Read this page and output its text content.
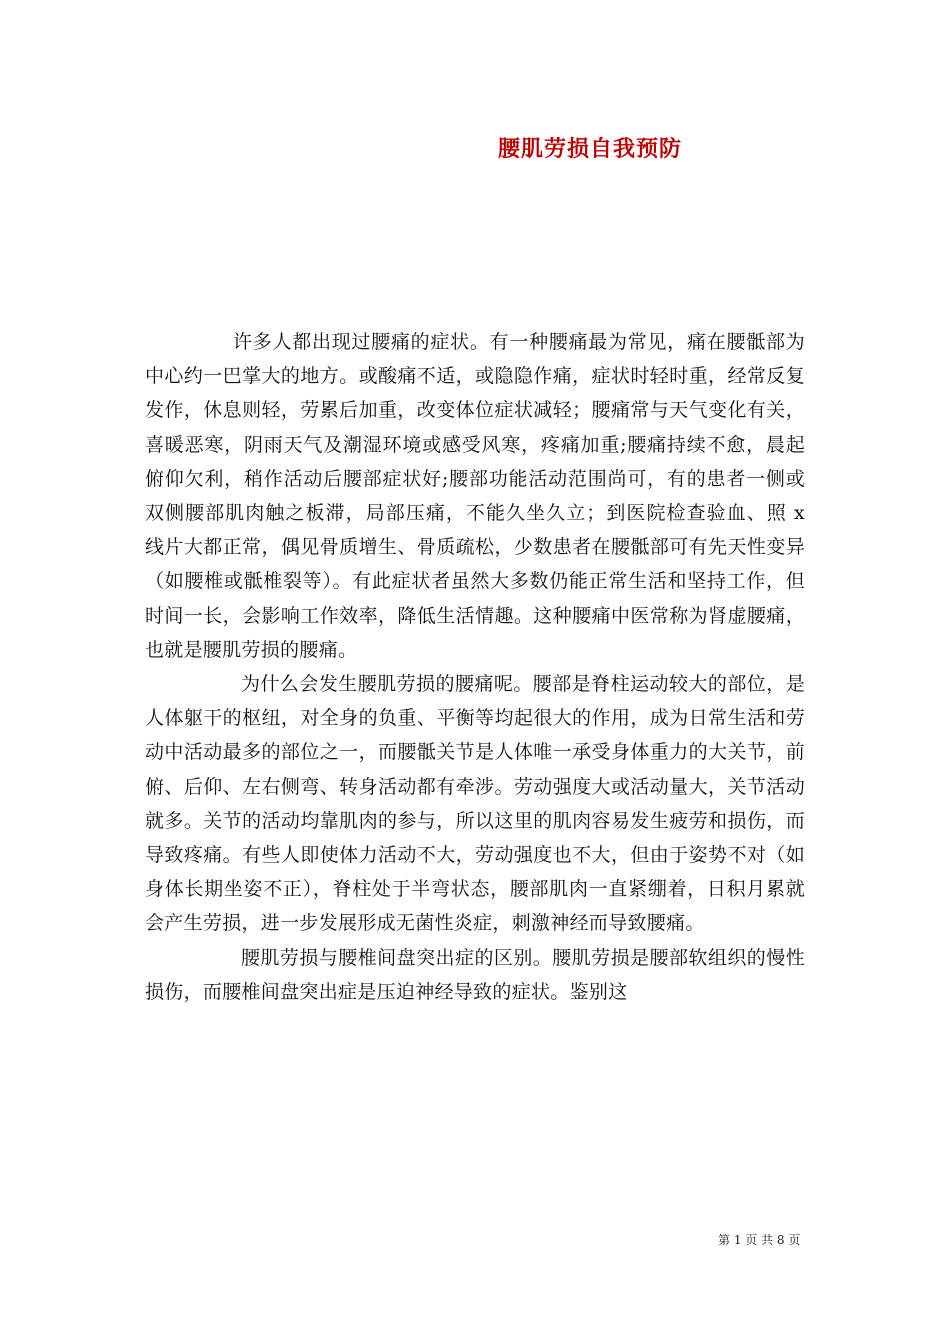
腰肌劳损自我预防

许多人都出现过腰痛的症状。有一种腰痛最为常见，痛在腰骶部为中心约一巴掌大的地方。或酸痛不适，或隐隐作痛，症状时轻时重，经常反复发作，休息则轻，劳累后加重，改变体位症状减轻；腰痛常与天气变化有关，喜暖恶寒，阴雨天气及潮湿环境或感受风寒，疼痛加重;腰痛持续不愈，晨起俯仰欠利，稍作活动后腰部症状好;腰部功能活动范围尚可，有的患者一侧或双侧腰部肌肉触之板滞，局部压痛，不能久坐久立；到医院检查验血、照 x 线片大都正常，偶见骨质增生、骨质疏松，少数患者在腰骶部可有先天性变异（如腰椎或骶椎裂等）。有此症状者虽然大多数仍能正常生活和坚持工作，但时间一长，会影响工作效率，降低生活情趣。这种腰痛中医常称为肾虚腰痛，也就是腰肌劳损的腰痛。

为什么会发生腰肌劳损的腰痛呢。腰部是脊柱运动较大的部位，是人体躯干的枢纽，对全身的负重、平衡等均起很大的作用，成为日常生活和劳动中活动最多的部位之一，而腰骶关节是人体唯一承受身体重力的大关节，前俯、后仰、左右侧弯、转身活动都有牵涉。劳动强度大或活动量大，关节活动就多。关节的活动均靠肌肉的参与，所以这里的肌肉容易发生疲劳和损伤，而导致疼痛。有些人即使体力活动不大，劳动强度也不大，但由于姿势不对（如身体长期坐姿不正），脊柱处于半弯状态，腰部肌肉一直紧绷着，日积月累就会产生劳损，进一步发展形成无菌性炎症，刺激神经而导致腰痛。

腰肌劳损与腰椎间盘突出症的区别。腰肌劳损是腰部软组织的慢性损伤，而腰椎间盘突出症是压迫神经导致的症状。鉴别这

第 1 页 共 8 页
